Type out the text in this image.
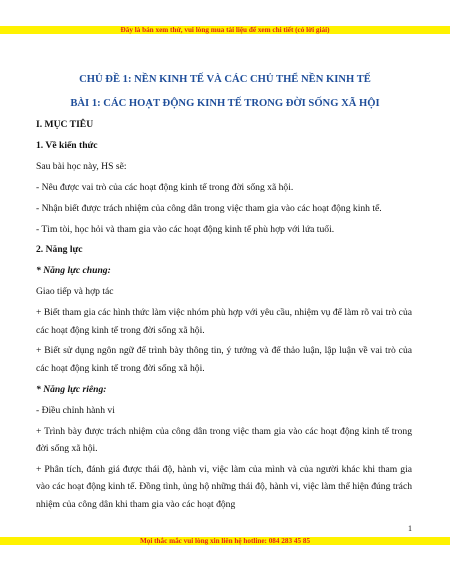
Đây là bản xem thử, vui lòng mua tài liệu để xem chi tiết (có lời giải)
CHỦ ĐỀ 1: NỀN KINH TẾ VÀ CÁC CHỦ THỂ NỀN KINH TẾ
BÀI 1: CÁC HOẠT ĐỘNG KINH TẾ TRONG ĐỜI SỐNG XÃ HỘI

I. MỤC TIÊU

1. Về kiến thức

Sau bài học này, HS sẽ:

- Nêu được vai trò của các hoạt động kinh tế trong đời sống xã hội.

- Nhận biết được trách nhiệm của công dân trong việc tham gia vào các hoạt động kinh tế.

- Tìm tòi, học hỏi và tham gia vào các hoạt động kinh tế phù hợp với lứa tuổi.

2. Năng lực

* Năng lực chung:

Giao tiếp và hợp tác

+ Biết tham gia các hình thức làm việc nhóm phù hợp với yêu cầu, nhiệm vụ để làm rõ vai trò của các hoạt động kinh tế trong đời sống xã hội.

+ Biết sử dụng ngôn ngữ để trình bày thông tin, ý tưởng và để thảo luận, lập luận về vai trò của các hoạt động kinh tế trong đời sống xã hội.

* Năng lực riêng:

- Điều chỉnh hành vi

+ Trình bày được trách nhiệm của công dân trong việc tham gia vào các hoạt động kinh tế trong đời sống xã hội.

+ Phân tích, đánh giá được thái độ, hành vi, việc làm của mình và của người khác khi tham gia vào các hoạt động kinh tế. Đồng tình, ủng hộ những thái độ, hành vi, việc làm thể hiện đúng trách nhiệm của công dân khi tham gia vào các hoạt động

1
Mọi thắc mắc vui lòng xin liên hệ hotline: 084 283 45 85
